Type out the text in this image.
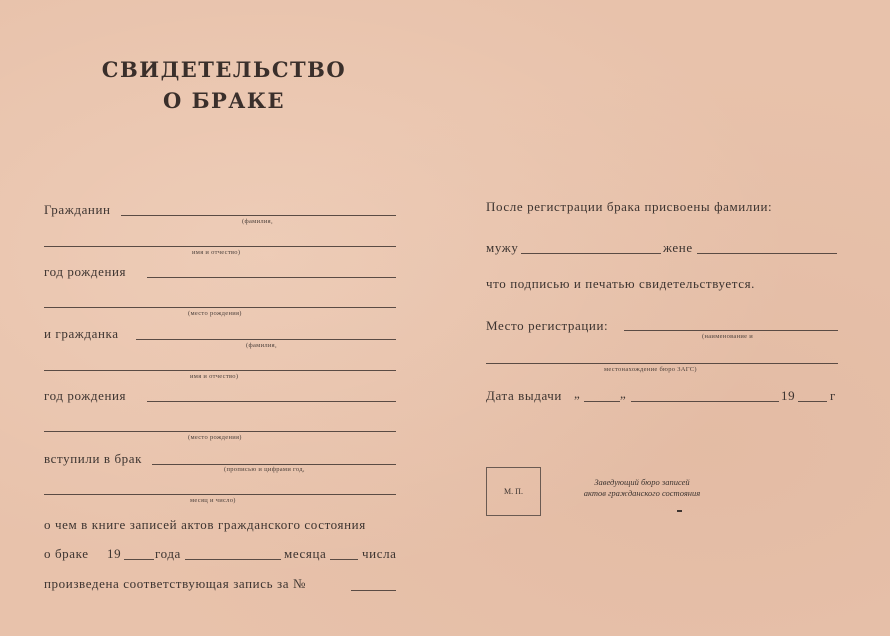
СВИДЕТЕЛЬСТВО
О БРАКЕ
Гражданин
(фамилия,
имя и отчество)
год рождения
(место рождения)
и гражданка
(фамилия,
имя и отчество)
год рождения
(место рождения)
вступили в брак
(прописью и цифрами год,
месяц и число)
о чем в книге записей актов гражданского состояния
о браке 19	года	месяца	числа
произведена соответствующая запись за №
После регистрации брака присвоены фамилии:
мужу	жене
что подписью и печатью свидетельствуется.
Место регистрации:
(наименование и
местонахождение бюро ЗАГС)
Дата выдачи „	„	19	г
М. П.
Заведующий бюро записей
актов гражданского состояния
